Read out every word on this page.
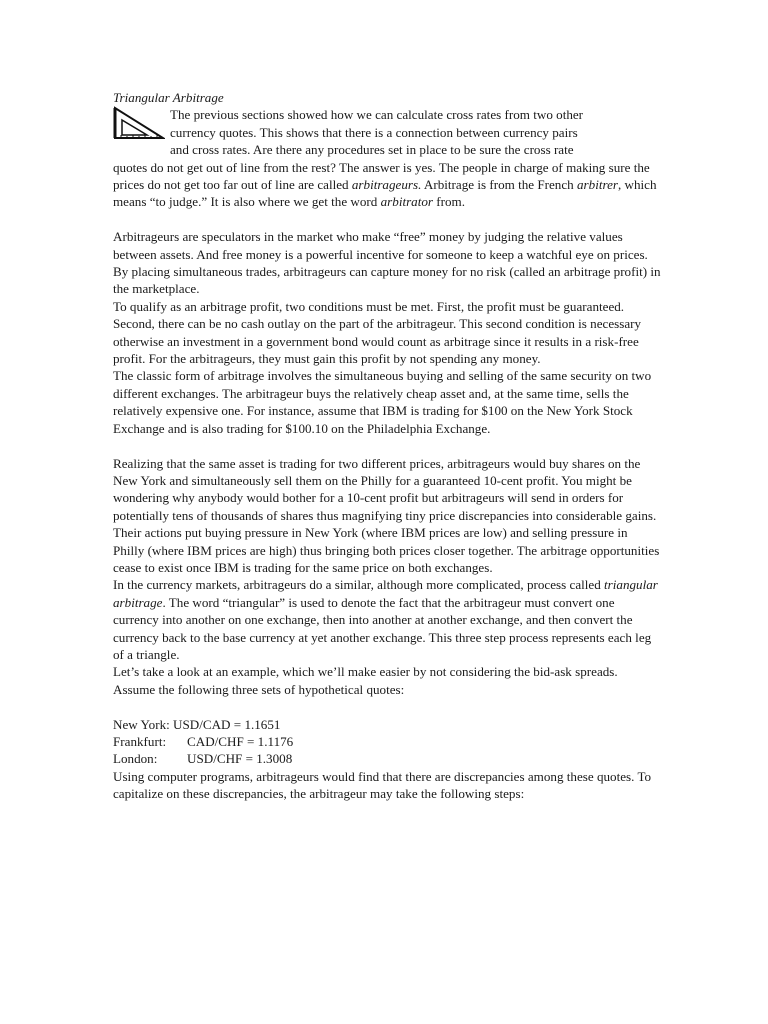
Triangular Arbitrage

The previous sections showed how we can calculate cross rates from two other

currency quotes. This shows that there is a connection between currency pairs

and cross rates. Are there any procedures set in place to be sure the cross rate

quotes do not get out of line from the rest? The answer is yes. The people in charge of making sure the prices do not get too far out of line are called arbitrageurs. Arbitrage is from the French arbitrer, which means “to judge.” It is also where we get the word arbitrator from.

Arbitrageurs are speculators in the market who make “free” money by judging the relative values between assets. And free money is a powerful incentive for someone to keep a watchful eye on prices. By placing simultaneous trades, arbitrageurs can capture money for no risk (called an arbitrage profit) in the marketplace.

To qualify as an arbitrage profit, two conditions must be met. First, the profit must be guaranteed. Second, there can be no cash outlay on the part of the arbitrageur. This second condition is necessary otherwise an investment in a government bond would count as arbitrage since it results in a risk-free profit. For the arbitrageurs, they must gain this profit by not spending any money.

The classic form of arbitrage involves the simultaneous buying and selling of the same security on two different exchanges. The arbitrageur buys the relatively cheap asset and, at the same time, sells the relatively expensive one. For instance, assume that IBM is trading for $100 on the New York Stock Exchange and is also trading for $100.10 on the Philadelphia Exchange.

Realizing that the same asset is trading for two different prices, arbitrageurs would buy shares on the New York and simultaneously sell them on the Philly for a guaranteed 10-cent profit. You might be wondering why anybody would bother for a 10-cent profit but arbitrageurs will send in orders for potentially tens of thousands of shares thus magnifying tiny price discrepancies into considerable gains. Their actions put buying pressure in New York (where IBM prices are low) and selling pressure in Philly (where IBM prices are high) thus bringing both prices closer together. The arbitrage opportunities cease to exist once IBM is trading for the same price on both exchanges.

In the currency markets, arbitrageurs do a similar, although more complicated, process called triangular arbitrage. The word “triangular” is used to denote the fact that the arbitrageur must convert one currency into another on one exchange, then into another at another exchange, and then convert the currency back to the base currency at yet another exchange. This three step process represents each leg of a triangle.

Let’s take a look at an example, which we’ll make easier by not considering the bid-ask spreads. Assume the following three sets of hypothetical quotes:

New York: USD/CAD = 1.1651
Frankfurt:	CAD/CHF = 1.1176
London:	USD/CHF = 1.3008

Using computer programs, arbitrageurs would find that there are discrepancies among these quotes. To capitalize on these discrepancies, the arbitrageur may take the following steps:
